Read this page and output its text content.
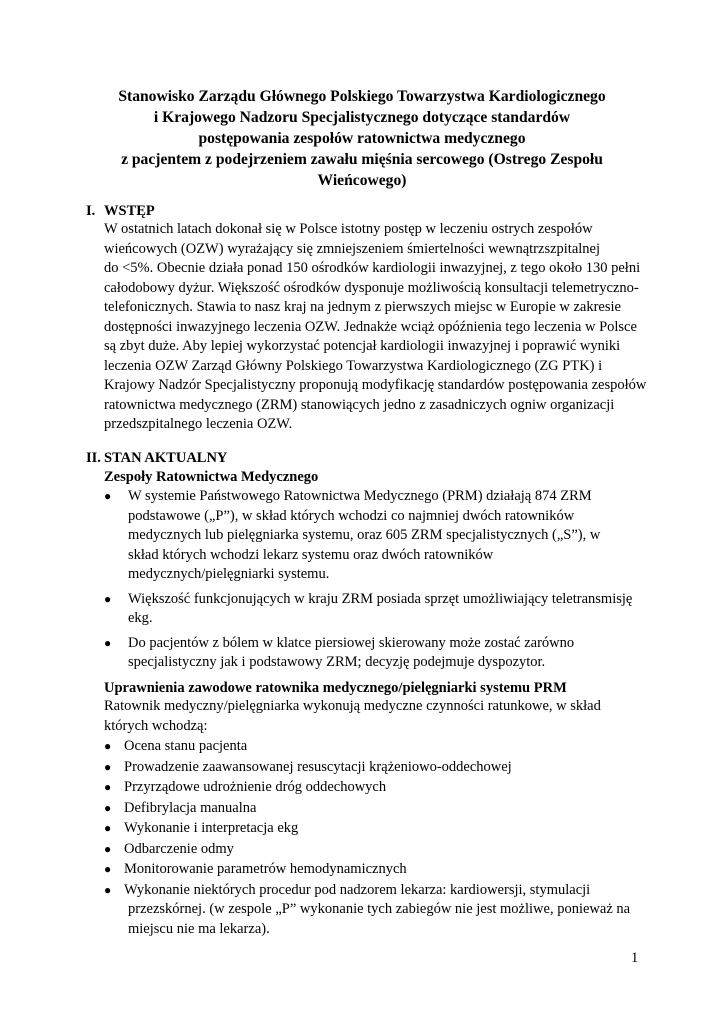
Stanowisko Zarządu Głównego Polskiego Towarzystwa Kardiologicznego
i Krajowego Nadzoru Specjalistycznego dotyczące standardów
postępowania zespołów ratownictwa medycznego
z pacjentem z podejrzeniem zawału mięśnia sercowego (Ostrego Zespołu
Wieńcowego)
I. WSTĘP
W ostatnich latach dokonał się w Polsce istotny postęp w leczeniu ostrych zespołów
wieńcowych (OZW) wyrażający się zmniejszeniem śmiertelności wewnątrzszpitalnej
do <5%. Obecnie działa ponad 150 ośrodków kardiologii inwazyjnej, z tego około 130 pełni
całodobowy dyżur. Większość ośrodków dysponuje możliwością konsultacji telemetryczno-
telefonicznych. Stawia to nasz kraj na jednym z pierwszych miejsc w Europie w zakresie
dostępności inwazyjnego leczenia OZW. Jednakże wciąż opóźnienia tego leczenia w Polsce
są zbyt duże. Aby lepiej wykorzystać potencjał kardiologii inwazyjnej i poprawić wyniki
leczenia OZW Zarząd Główny Polskiego Towarzystwa Kardiologicznego (ZG PTK) i
Krajowy Nadzór Specjalistyczny proponują modyfikację standardów postępowania zespołów
ratownictwa medycznego (ZRM) stanowiących jedno z zasadniczych ogniw organizacji
przedszpitalnego leczenia OZW.
II. STAN AKTUALNY
Zespoły Ratownictwa Medycznego
● W systemie Państwowego Ratownictwa Medycznego (PRM) działają 874 ZRM
podstawowe („P”), w skład których wchodzi co najmniej dwóch ratowników
medycznych lub pielęgniarka systemu, oraz 605 ZRM specjalistycznych („S”), w
skład których wchodzi lekarz systemu oraz dwóch ratowników
medycznych/pielęgniarki systemu.
● Większość funkcjonujących w kraju ZRM posiada sprzęt umożliwiający teletransmisję
ekg.
● Do pacjentów z bólem w klatce piersiowej skierowany może zostać zarówno
specjalistyczny jak i podstawowy ZRM; decyzję podejmuje dyspozytor.
Uprawnienia zawodowe ratownika medycznego/pielęgniarki systemu PRM
Ratownik medyczny/pielęgniarka wykonują medyczne czynności ratunkowe, w skład
których wchodzą:
● Ocena stanu pacjenta
● Prowadzenie zaawansowanej resuscytacji krążeniowo-oddechowej
● Przyrządowe udrożnienie dróg oddechowych
● Defibrylacja manualna
● Wykonanie i interpretacja ekg
● Odbarczenie odmy
● Monitorowanie parametrów hemodynamicznych
● Wykonanie niektórych procedur pod nadzorem lekarza: kardiowersji, stymulacji
przezskórnej. (w zespole „P” wykonanie tych zabiegów nie jest możliwe, ponieważ na
miejscu nie ma lekarza).
1
